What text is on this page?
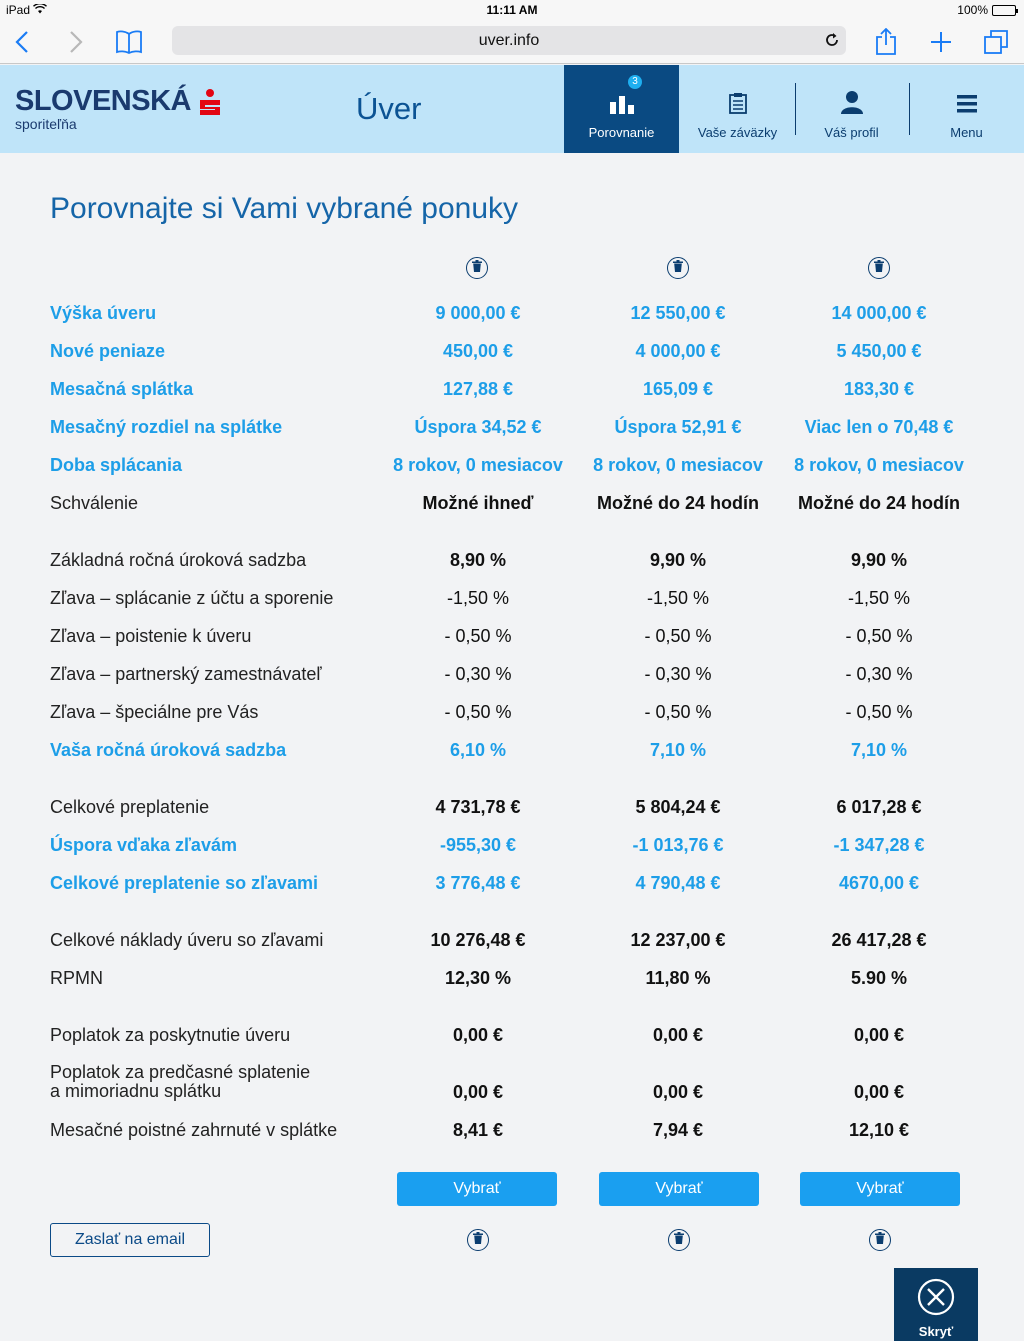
iPad	11:11 AM	100%
uver.info
SLOVENSKÁ
sporiteľňa	Úver
3
Porovnanie	Vaše záväzky	Váš profil	Menu
Porovnajte si Vami vybrané ponuky
Výška úveru	9 000,00 €	12 550,00 €	14 000,00 €
Nové peniaze	450,00 €	4 000,00 €	5 450,00 €
Mesačná splátka	127,88 €	165,09 €	183,30 €
Mesačný rozdiel na splátke	Úspora 34,52 €	Úspora 52,91 €	Viac len o 70,48 €
Doba splácania	8 rokov, 0 mesiacov	8 rokov, 0 mesiacov	8 rokov, 0 mesiacov
Schválenie	Možné ihneď	Možné do 24 hodín	Možné do 24 hodín
Základná ročná úroková sadzba	8,90 %	9,90 %	9,90 %
Zľava – splácanie z účtu a sporenie	-1,50 %	-1,50 %	-1,50 %
Zľava – poistenie k úveru	- 0,50 %	- 0,50 %	- 0,50 %
Zľava – partnerský zamestnávateľ	- 0,30 %	- 0,30 %	- 0,30 %
Zľava – špeciálne pre Vás	- 0,50 %	- 0,50 %	- 0,50 %
Vaša ročná úroková sadzba	6,10 %	7,10 %	7,10 %
Celkové preplatenie	4 731,78 €	5 804,24 €	6 017,28 €
Úspora vďaka zľavám	-955,30 €	-1 013,76 €	-1 347,28 €
Celkové preplatenie so zľavami	3 776,48 €	4 790,48 €	4670,00 €
Celkové náklady úveru so zľavami	10 276,48 €	12 237,00 €	26 417,28 €
RPMN	12,30 %	11,80 %	5.90 %
Poplatok za poskytnutie úveru	0,00 €	0,00 €	0,00 €
Poplatok za predčasné splatenie
a mimoriadnu splátku	0,00 €	0,00 €	0,00 €
Mesačné poistné zahrnuté v splátke	8,41 €	7,94 €	12,10 €
Vybrať	Vybrať	Vybrať
Zaslať na email
Skryť
